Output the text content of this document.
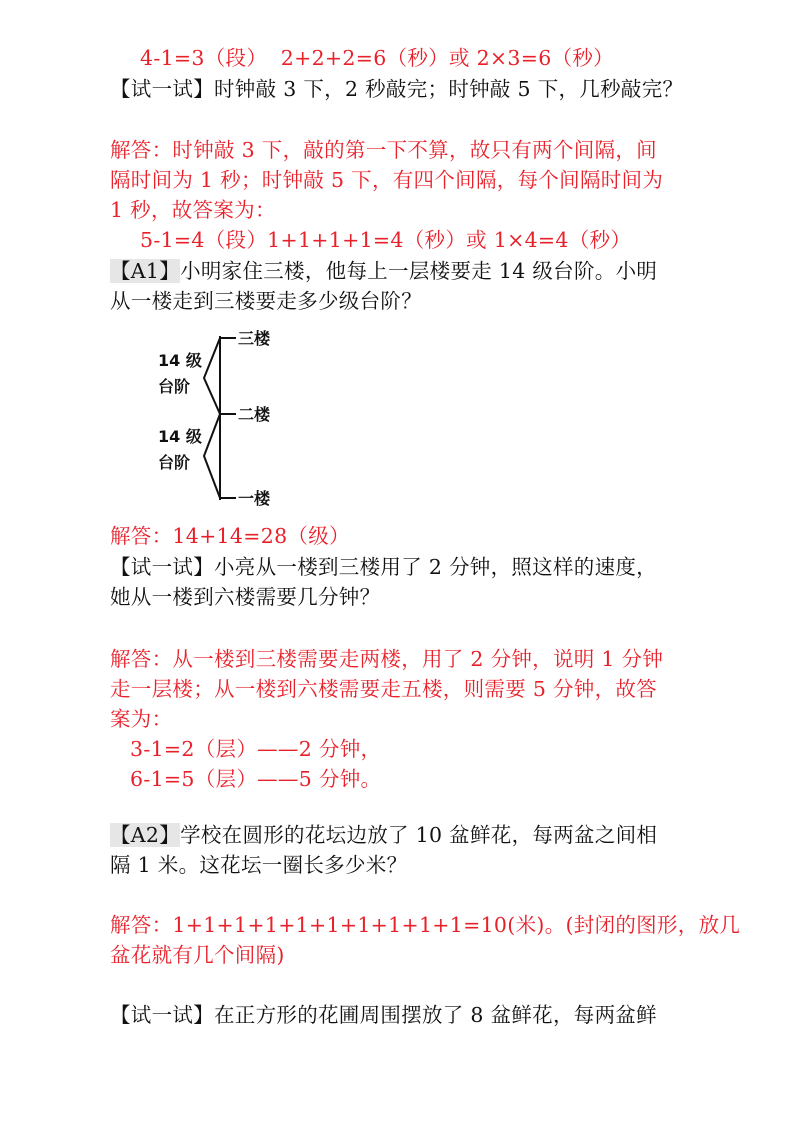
4-1=3（段）  2+2+2=6（秒）或 2×3=6（秒）

【试一试】时钟敲 3 下，2 秒敲完；时钟敲 5 下，几秒敲完？

解答：时钟敲 3 下，敲的第一下不算，故只有两个间隔，间

隔时间为 1 秒；时钟敲 5 下，有四个间隔，每个间隔时间为

1 秒，故答案为：

5-1=4（段）1+1+1+1=4（秒）或 1×4=4（秒）

【A1】小明家住三楼，他每上一层楼要走 14 级台阶。小明

从一楼走到三楼要走多少级台阶？

三楼
二楼
一楼
14 级
台阶
14 级
台阶

解答：14+14=28（级）

【试一试】小亮从一楼到三楼用了 2 分钟，照这样的速度，

她从一楼到六楼需要几分钟？

解答：从一楼到三楼需要走两楼，用了 2 分钟，说明 1 分钟

走一层楼；从一楼到六楼需要走五楼，则需要 5 分钟，故答

案为：

3-1=2（层）——2 分钟，

6-1=5（层）——5 分钟。

【A2】学校在圆形的花坛边放了 10 盆鲜花，每两盆之间相

隔 1 米。这花坛一圈长多少米？

解答：1+1+1+1+1+1+1+1+1+1=10(米)。(封闭的图形，放几

盆花就有几个间隔)

【试一试】在正方形的花圃周围摆放了 8 盆鲜花，每两盆鲜
